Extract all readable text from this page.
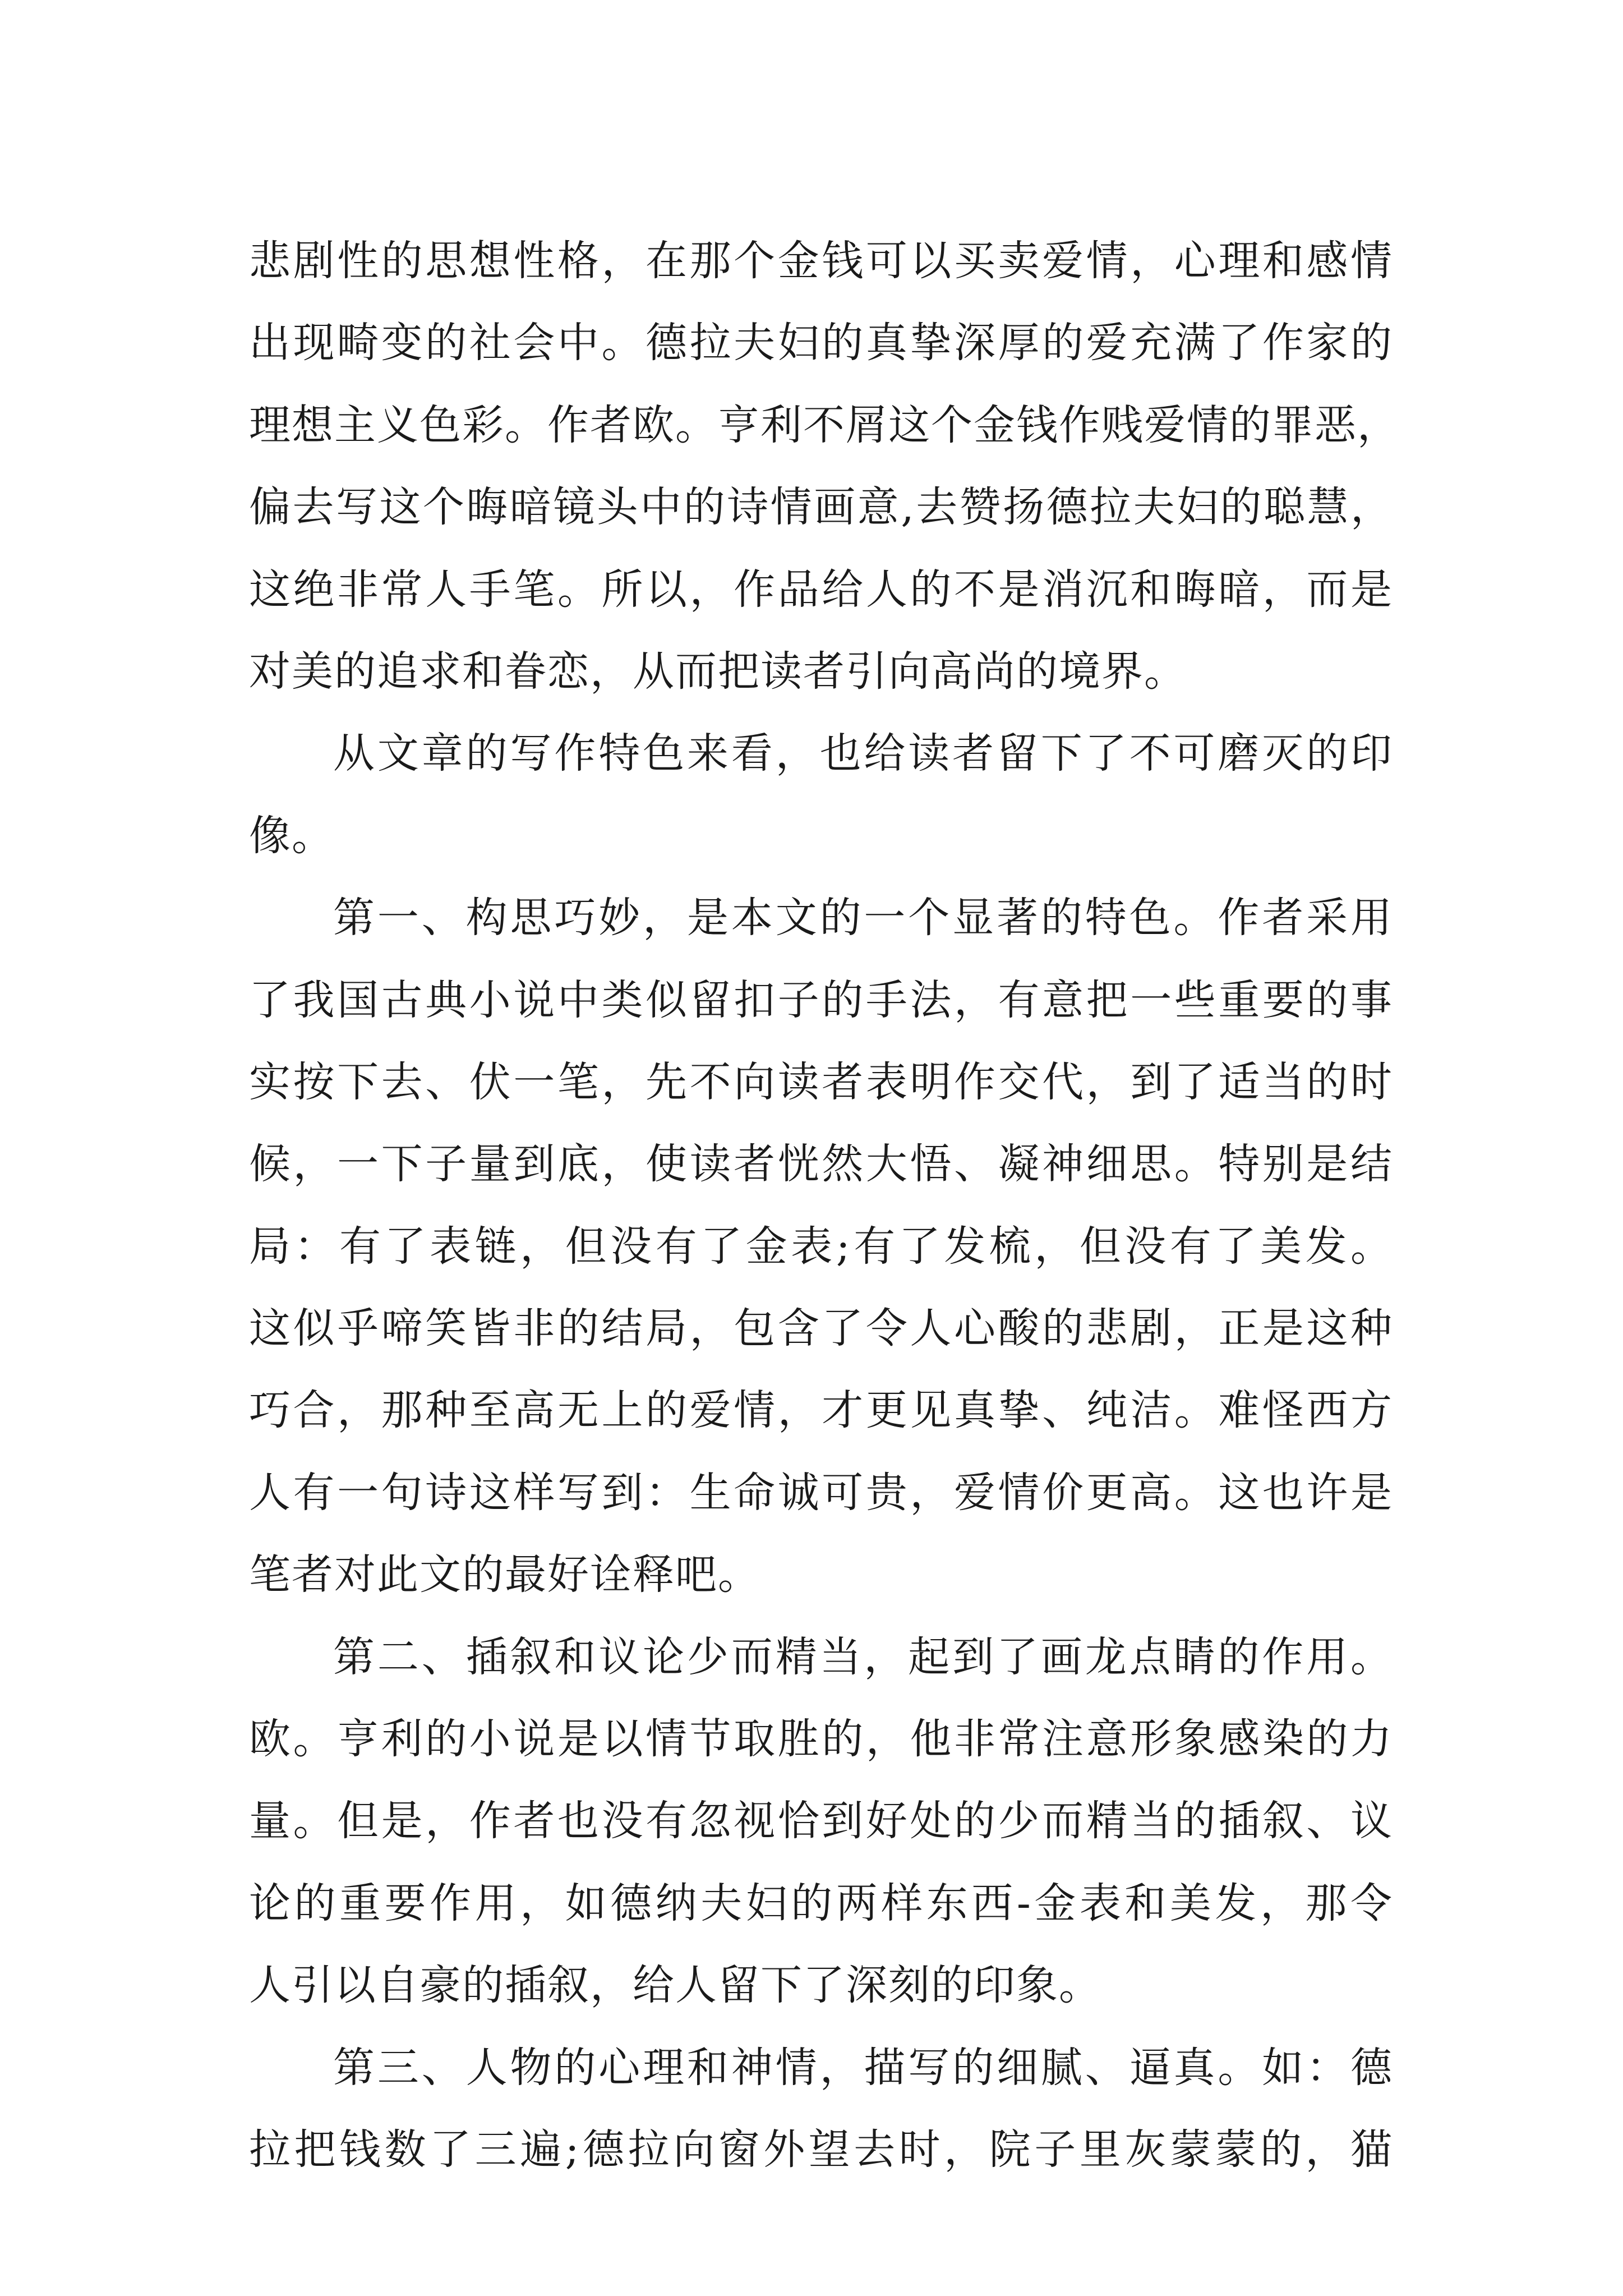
悲剧性的思想性格，在那个金钱可以买卖爱情，心理和感情
出现畸变的社会中。德拉夫妇的真挚深厚的爱充满了作家的
理想主义色彩。作者欧。亨利不屑这个金钱作贱爱情的罪恶，
偏去写这个晦暗镜头中的诗情画意,去赞扬德拉夫妇的聪慧，
这绝非常人手笔。所以，作品给人的不是消沉和晦暗，而是
对美的追求和眷恋，从而把读者引向高尚的境界。
从文章的写作特色来看，也给读者留下了不可磨灭的印
像。
第一、构思巧妙，是本文的一个显著的特色。作者采用
了我国古典小说中类似留扣子的手法，有意把一些重要的事
实按下去、伏一笔，先不向读者表明作交代，到了适当的时
候，一下子量到底，使读者恍然大悟、凝神细思。特别是结
局：有了表链，但没有了金表;有了发梳，但没有了美发。
这似乎啼笑皆非的结局，包含了令人心酸的悲剧，正是这种
巧合，那种至高无上的爱情，才更见真挚、纯洁。难怪西方
人有一句诗这样写到：生命诚可贵，爱情价更高。这也许是
笔者对此文的最好诠释吧。
第二、插叙和议论少而精当，起到了画龙点睛的作用。
欧。亨利的小说是以情节取胜的，他非常注意形象感染的力
量。但是，作者也没有忽视恰到好处的少而精当的插叙、议
论的重要作用，如德纳夫妇的两样东西-金表和美发，那令
人引以自豪的插叙，给人留下了深刻的印象。
第三、人物的心理和神情，描写的细腻、逼真。如：德
拉把钱数了三遍;德拉向窗外望去时，院子里灰蒙蒙的，猫
